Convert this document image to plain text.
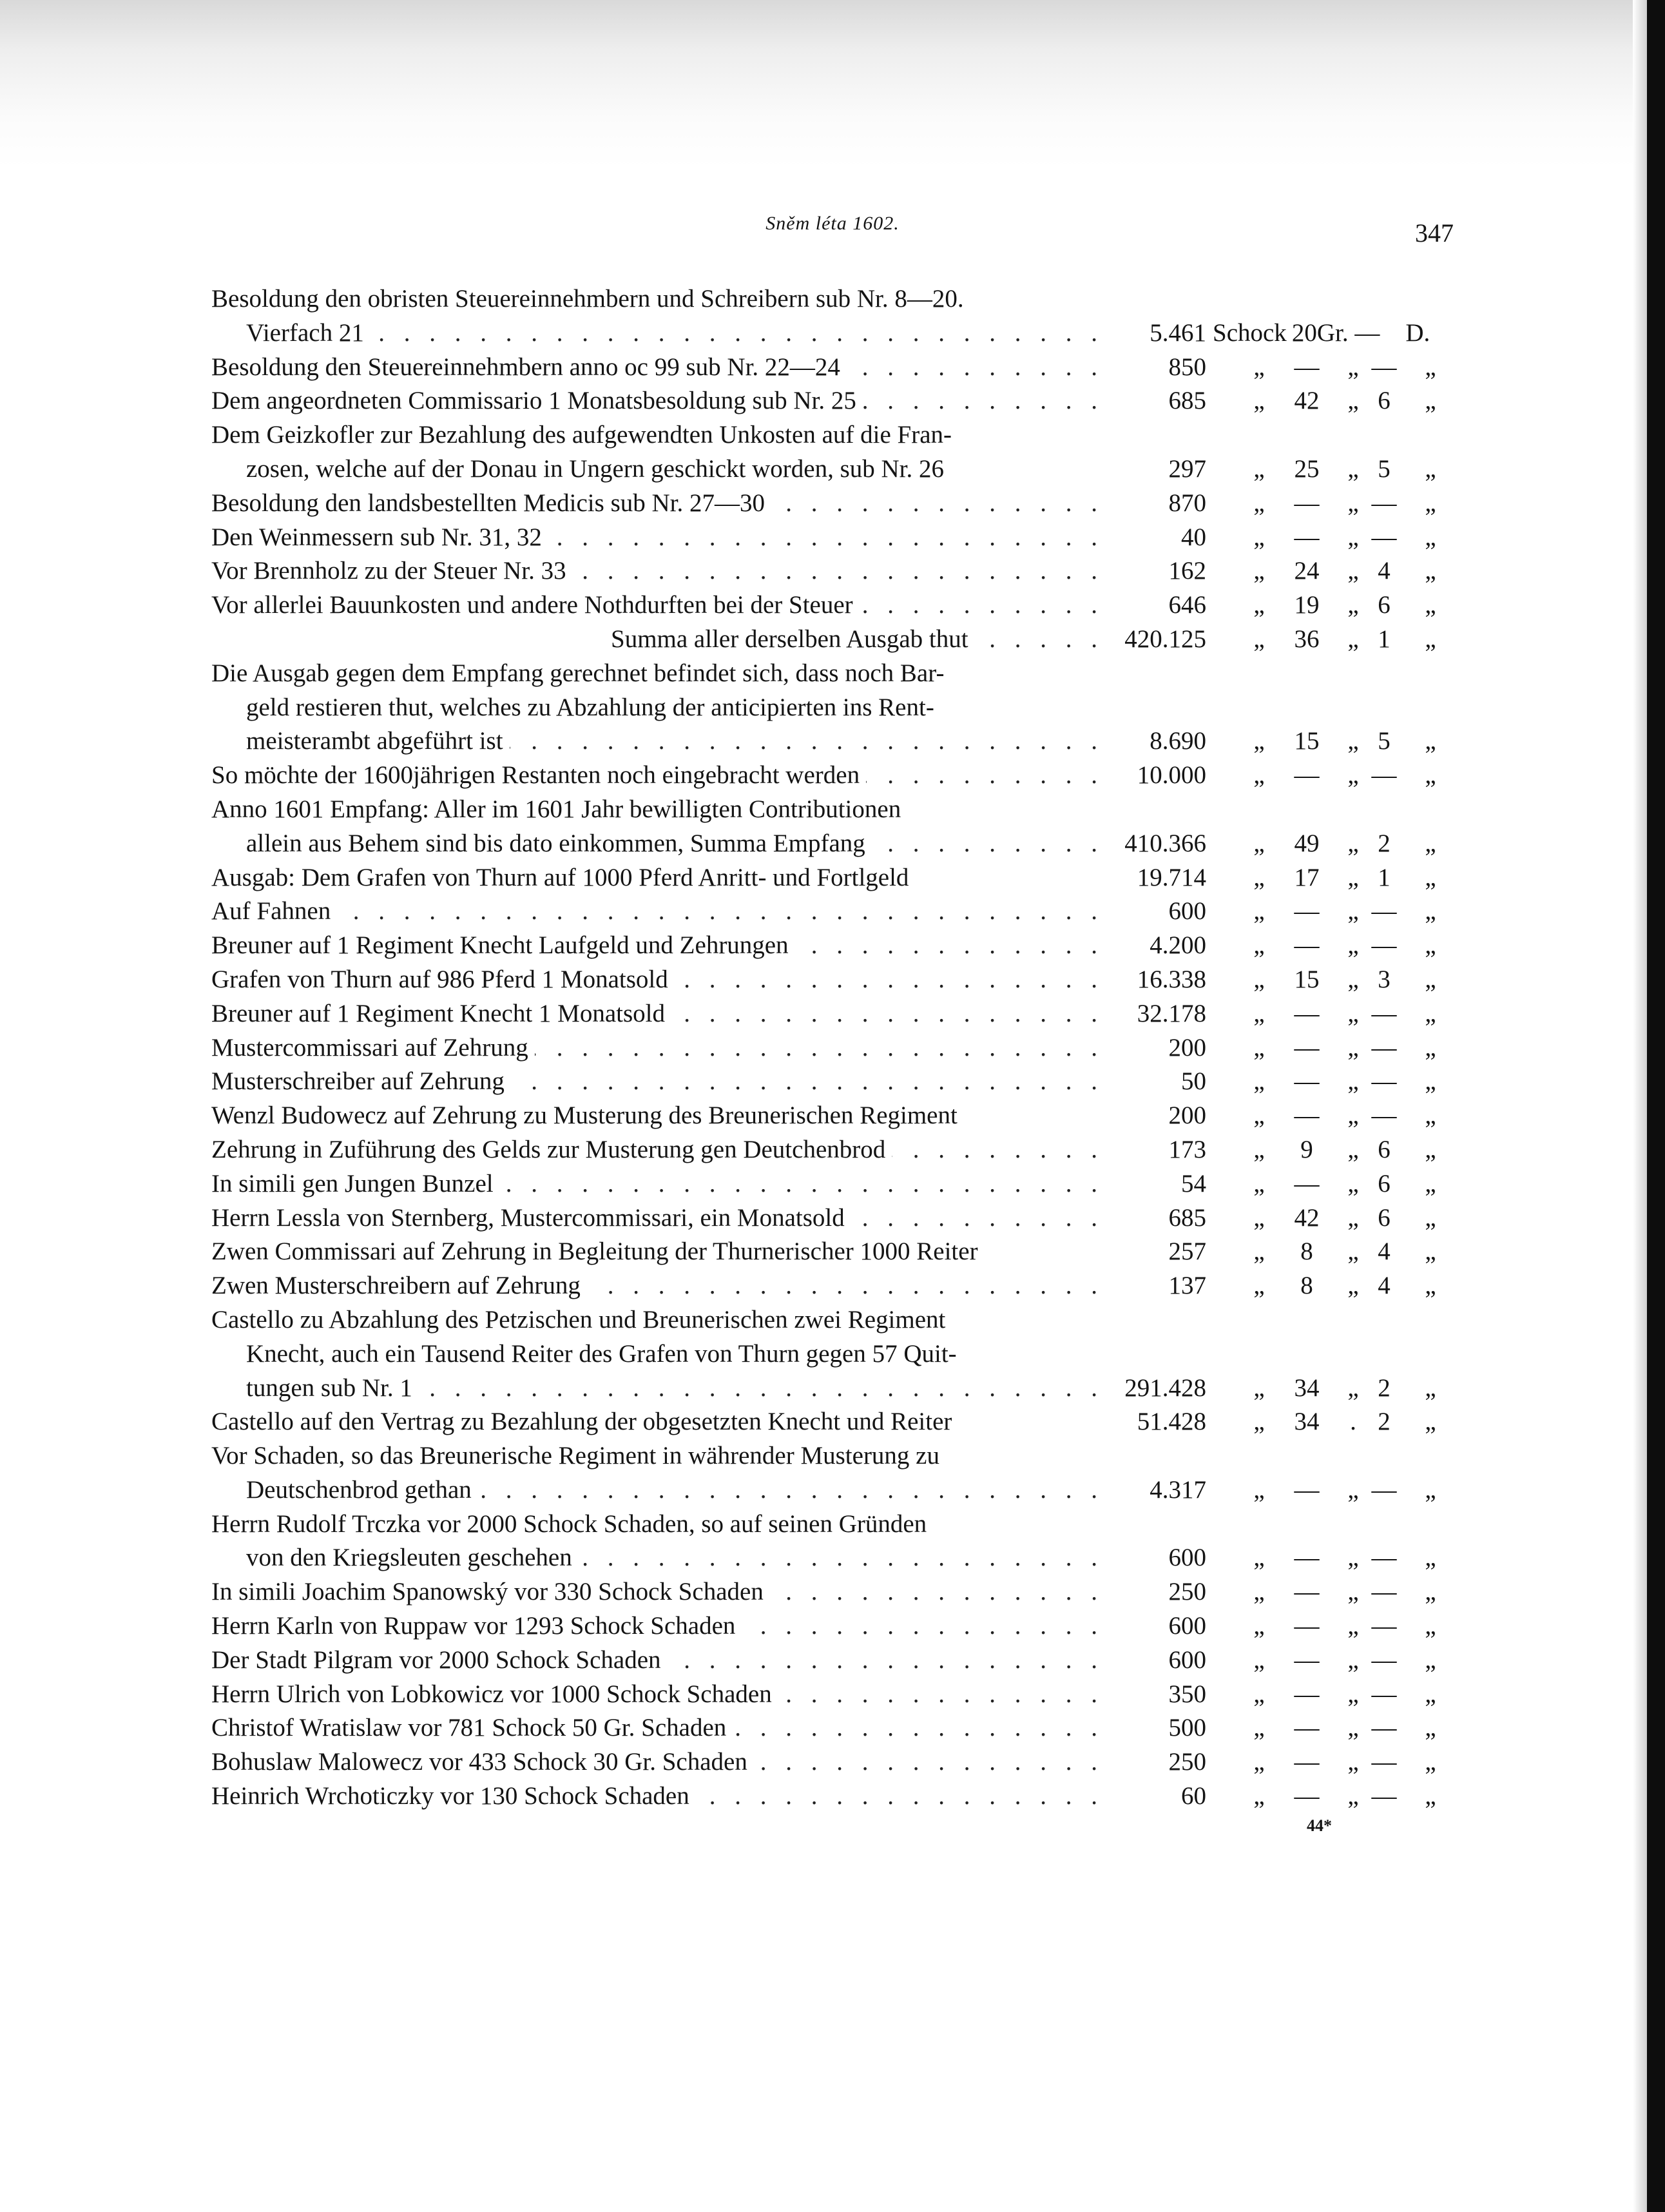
Sněm léta 1602.	347
Besoldung den obristen Steuereinnehmbern und Schreibern sub Nr. 8—20.
Vierfach 21 . . .	5.461 Schock 20Gr. — D.
Besoldung den Steuereinnehmbern anno oc 99 sub Nr. 22—24 . . .	850 „ — „ — „
Dem angeordneten Commissario 1 Monatsbesoldung sub Nr. 25 . . .	685 „ 42 „ 6	„
Dem Geizkofler zur Bezahlung des aufgewendten Unkosten auf die Fran-
zosen, welche auf der Donau in Ungern geschickt worden, sub Nr. 26	297 „ 25 „ 5	„
Besoldung den landsbestellten Medicis sub Nr. 27—30 . . .	870 „ — „ — „
Den Weinmessern sub Nr. 31, 32 . . .	40 „ — „ — „
Vor Brennholz zu der Steuer Nr. 33 . . .	162 „ 24 „ 4	„
Vor allerlei Bauunkosten und andere Nothdurften bei der Steuer . . .	646 „ 19 „ 6	„
Summa aller derselben Ausgab thut . . .	420.125 „ 36 „ 1	„
Die Ausgab gegen dem Empfang gerechnet befindet sich, dass noch Bar-
geld restieren thut, welches zu Abzahlung der anticipierten ins Rent-
meisterambt abgeführt ist . . .	8.690 „ 15 „ 5	„
So möchte der 1600jährigen Restanten noch eingebracht werden . . .	10.000 „ — „ — „
Anno 1601 Empfang: Aller im 1601 Jahr bewilligten Contributionen
allein aus Behem sind bis dato einkommen, Summa Empfang . . .	410.366 „ 49 „ 2	„
Ausgab: Dem Grafen von Thurn auf 1000 Pferd Anritt- und Fortlgeld	19.714 „ 17 „ 1	„
Auf Fahnen . . .	600 „ — „ — „
Breuner auf 1 Regiment Knecht Laufgeld und Zehrungen . . .	4.200 „ — „ — „
Grafen von Thurn auf 986 Pferd 1 Monatsold . . .	16.338 „ 15 „ 3	„
Breuner auf 1 Regiment Knecht 1 Monatsold . . .	32.178 „ — „ — „
Mustercommissari auf Zehrung . . .	200 „ — „ — „
Musterschreiber auf Zehrung . . .	50 „ — „ — „
Wenzl Budowecz auf Zehrung zu Musterung des Breunerischen Regiment	200 „ — „ — „
Zehrung in Zuführung des Gelds zur Musterung gen Deutchenbrod . . .	173 „	9	„ 6	„
In simili gen Jungen Bunzel . . .	54 „ — „ 6	„
Herrn Lessla von Sternberg, Mustercommissari, ein Monatsold . . .	685 „ 42 „ 6	„
Zwen Commissari auf Zehrung in Begleitung der Thurnerischer 1000 Reiter	257 „	8	„ 4	„
Zwen Musterschreibern auf Zehrung . . .	137 „	8	„ 4	„
Castello zu Abzahlung des Petzischen und Breunerischen zwei Regiment
Knecht, auch ein Tausend Reiter des Grafen von Thurn gegen 57 Quit-
tungen sub Nr. 1 . . .	291.428 „ 34 „ 2	„
Castello auf den Vertrag zu Bezahlung der obgesetzten Knecht und Reiter	51.428 „ 34 . 2	„
Vor Schaden, so das Breunerische Regiment in währender Musterung zu
Deutschenbrod gethan . . .	4.317 „ — „ — „
Herrn Rudolf Trczka vor 2000 Schock Schaden, so auf seinen Gründen
von den Kriegsleuten geschehen . . .	600 „ — „ — „
In simili Joachim Spanowský vor 330 Schock Schaden . . .	250 „ — „ — „
Herrn Karln von Ruppaw vor 1293 Schock Schaden . . .	600 „ — „ — „
Der Stadt Pilgram vor 2000 Schock Schaden . . .	600 „ — „ — „
Herrn Ulrich von Lobkowicz vor 1000 Schock Schaden . . .	350 „ — „ — „
Christof Wratislaw vor 781 Schock 50 Gr. Schaden . . .	500 „ — „ — „
Bohuslaw Malowecz vor 433 Schock 30 Gr. Schaden . . .	250 „ — „ — „
Heinrich Wrchoticzky vor 130 Schock Schaden . . .	60 „ — „ — „
44*
